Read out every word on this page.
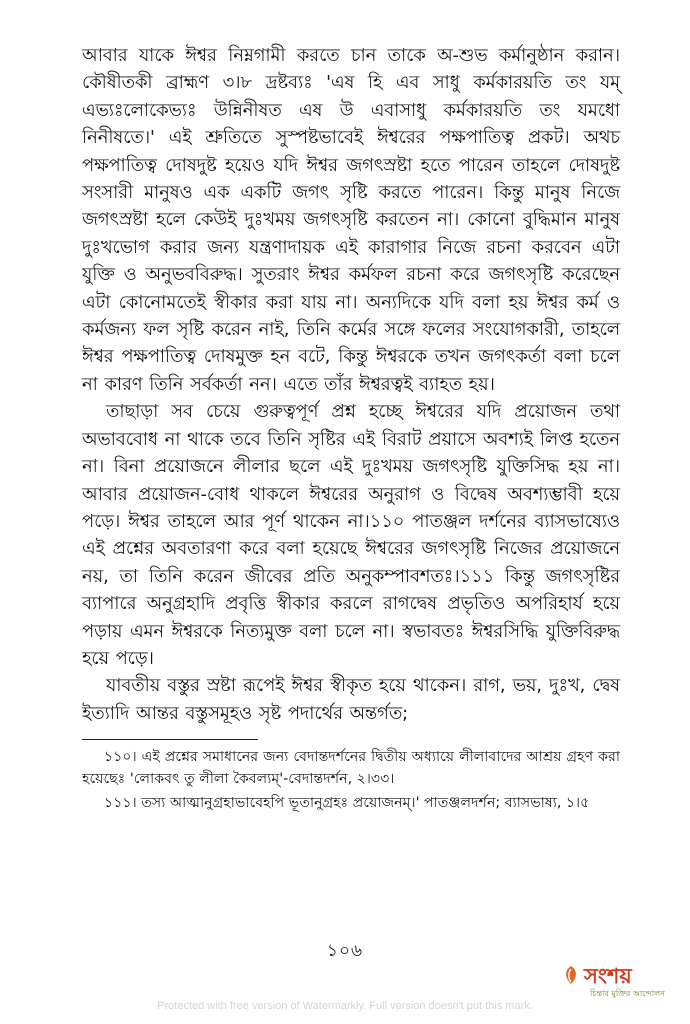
আবার যাকে ঈশ্বর নিম্নগামী করতে চান তাকে অ-শুভ কর্মানুষ্ঠান করান। কৌষীতকী ব্রাহ্মণ ৩।৮ দ্রষ্টব্যঃ 'এষ হি এব সাধু কর্মকারয়তি তং যম্ এভ্যঃলোকেভ্যঃ উন্নিনীষত এষ উ এবাসাধু কর্মকারয়তি তং যমধো নিনীষতে।' এই শ্রুতিতে সুস্পষ্টভাবেই ঈশ্বরের পক্ষপাতিত্ব প্রকট। অথচ পক্ষপাতিত্ব দোষদুষ্ট হয়েও যদি ঈশ্বর জগৎস্রষ্টা হতে পারেন তাহলে দোষদুষ্ট সংসারী মানুষও এক একটি জগৎ সৃষ্টি করতে পারেন। কিন্তু মানুষ নিজে জগৎস্রষ্টা হলে কেউই দুঃখময় জগৎসৃষ্টি করতেন না। কোনো বুদ্ধিমান মানুষ দুঃখভোগ করার জন্য যন্ত্রণাদায়ক এই কারাগার নিজে রচনা করবেন এটা যুক্তি ও অনুভববিরুদ্ধ। সুতরাং ঈশ্বর কর্মফল রচনা করে জগৎসৃষ্টি করেছেন এটা কোনোমতেই স্বীকার করা যায় না। অন্যদিকে যদি বলা হয় ঈশ্বর কর্ম ও কর্মজন্য ফল সৃষ্টি করেন নাই, তিনি কর্মের সঙ্গে ফলের সংযোগকারী, তাহলে ঈশ্বর পক্ষপাতিত্ব দোষমুক্ত হন বটে, কিন্তু ঈশ্বরকে তখন জগৎকর্তা বলা চলে না কারণ তিনি সর্বকর্তা নন। এতে তাঁর ঈশ্বরত্বই ব্যাহত হয়।

তাছাড়া সব চেয়ে গুরুত্বপূর্ণ প্রশ্ন হচ্ছে ঈশ্বরের যদি প্রয়োজন তথা অভাববোধ না থাকে তবে তিনি সৃষ্টির এই বিরাট প্রয়াসে অবশ্যই লিপ্ত হতেন না। বিনা প্রয়োজনে লীলার ছলে এই দুঃখময় জগৎসৃষ্টি যুক্তিসিদ্ধ হয় না। আবার প্রয়োজন-বোধ থাকলে ঈশ্বরের অনুরাগ ও বিদ্বেষ অবশ্যম্ভাবী হয়ে পড়ে। ঈশ্বর তাহলে আর পূর্ণ থাকেন না।১১০ পাতঞ্জল দর্শনের ব্যাসভাষ্যেও এই প্রশ্নের অবতারণা করে বলা হয়েছে ঈশ্বরের জগৎসৃষ্টি নিজের প্রয়োজনে নয়, তা তিনি করেন জীবের প্রতি অনুকম্পাবশতঃ।১১১ কিন্তু জগৎসৃষ্টির ব্যাপারে অনুগ্রহাদি প্রবৃত্তি স্বীকার করলে রাগদ্বেষ প্রভৃতিও অপরিহার্য হয়ে পড়ায় এমন ঈশ্বরকে নিত্যমুক্ত বলা চলে না। স্বভাবতঃ ঈশ্বরসিদ্ধি যুক্তিবিরুদ্ধ হয়ে পড়ে।

যাবতীয় বস্তুর স্রষ্টা রূপেই ঈশ্বর স্বীকৃত হয়ে থাকেন। রাগ, ভয়, দুঃখ, দ্বেষ ইত্যাদি আন্তর বস্তুসমূহও সৃষ্ট পদার্থের অন্তর্গত;

১১০। এই প্রশ্নের সমাধানের জন্য বেদান্তদর্শনের দ্বিতীয় অধ্যায়ে লীলাবাদের আশ্রয় গ্রহণ করা হয়েছেঃ 'লোকবৎ তু লীলা কৈবল্যম্'-বেদান্তদর্শন, ২।৩৩।

১১১। তস্য আত্মানুগ্রহাভাবেহপি ভূতানুগ্রহঃ প্রয়োজনম্।' পাতঞ্জলদর্শন; ব্যাসভাষ্য, ১।৫

১০৬
সংশয়
চিন্তার মুক্তির আন্দোলন
Protected with free version of Watermarkly. Full version doesn't put this mark.
